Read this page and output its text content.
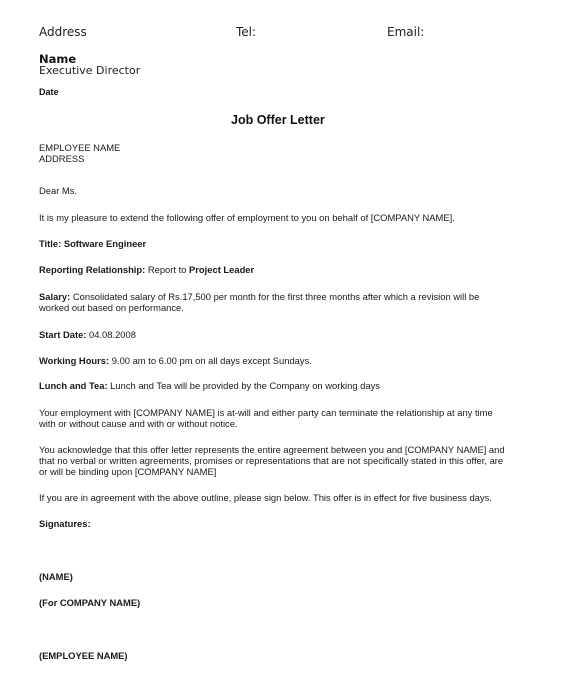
Address	Tel:	Email:
Name
Executive Director
Date
Job Offer Letter
EMPLOYEE NAME
ADDRESS
Dear Ms.
It is my pleasure to extend the following offer of employment to you on behalf of [COMPANY NAME].
Title: Software Engineer
Reporting Relationship: Report to Project Leader
Salary: Consolidated salary of Rs.17,500 per month for the first three months after which a revision will be
worked out based on performance.
Start Date: 04.08.2008
Working Hours: 9.00 am to 6.00 pm on all days except Sundays.
Lunch and Tea: Lunch and Tea will be provided by the Company on working days
Your employment with [COMPANY NAME] is at-will and either party can terminate the relationship at any time
with or without cause and with or without notice.
You acknowledge that this offer letter represents the entire agreement between you and [COMPANY NAME] and
that no verbal or written agreements, promises or representations that are not specifically stated in this offer, are
or will be binding upon [COMPANY NAME]
If you are in agreement with the above outline, please sign below. This offer is in effect for five business days.
Signatures:
(NAME)
(For COMPANY NAME)
(EMPLOYEE NAME)
